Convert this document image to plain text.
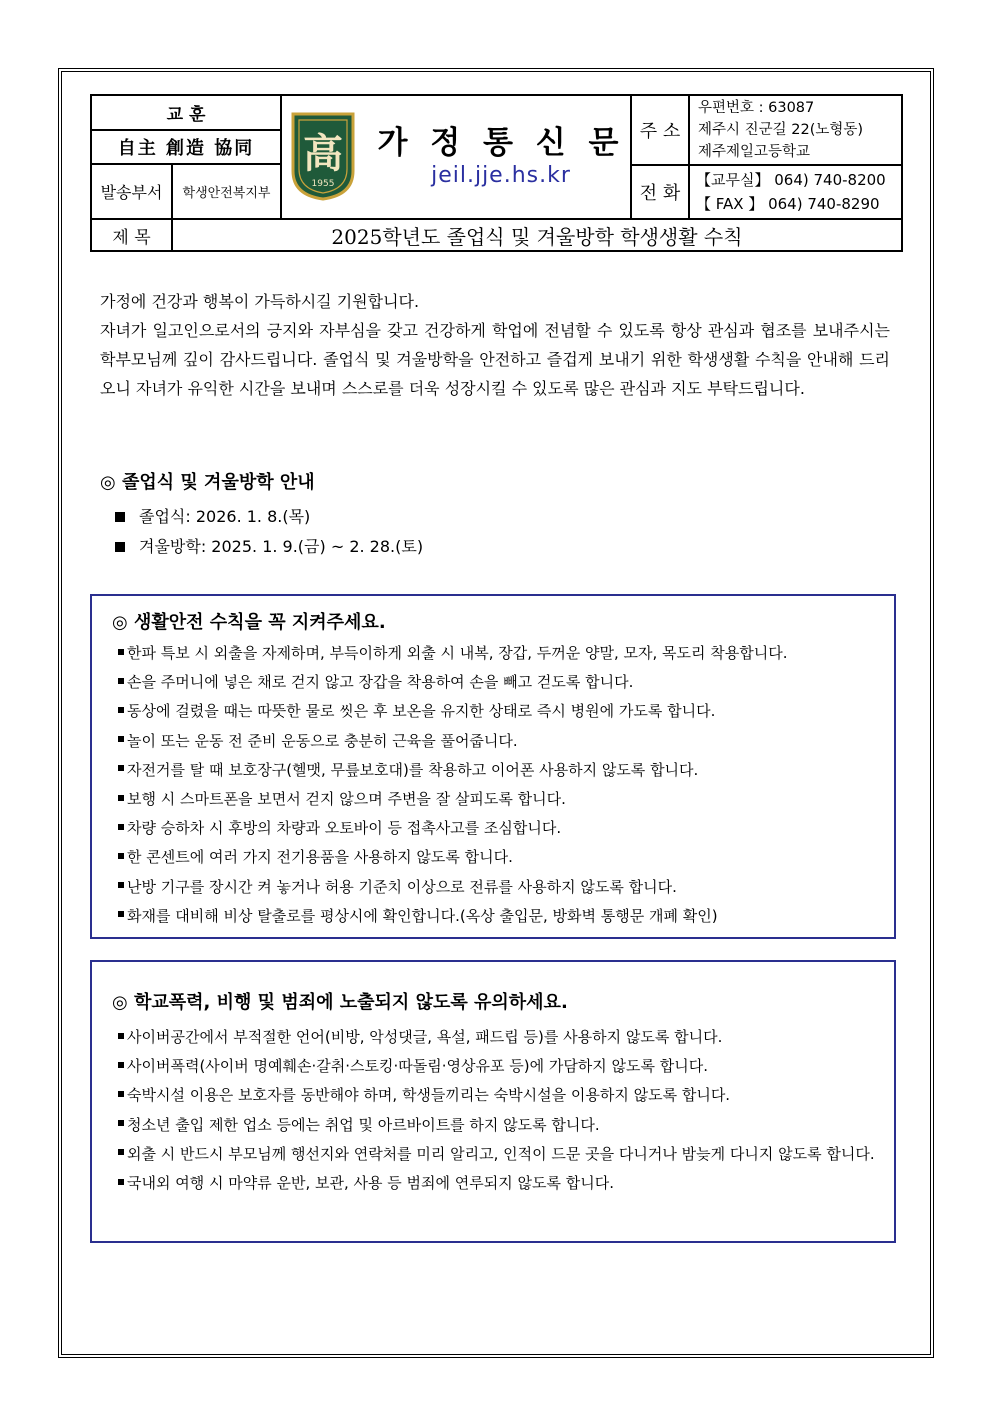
교 훈
自主 創造 協同
발송부서	학생안전복지부
高
1955
가 정 통 신 문
jeil.jje.hs.kr
주 소
우편번호 : 63087
제주시 진군길 22(노형동)
제주제일고등학교
전 화
【교무실】 064) 740-8200
【 FAX 】 064) 740-8290
제 목	2025학년도 졸업식 및 겨울방학 학생생활 수칙

가정에 건강과 행복이 가득하시길 기원합니다.

자녀가 일고인으로서의 긍지와 자부심을 갖고 건강하게 학업에 전념할 수 있도록 항상 관심과 협조를 보내주시는 학부모님께 깊이 감사드립니다. 졸업식 및 겨울방학을 안전하고 즐겁게 보내기 위한 학생생활 수칙을 안내해 드리오니 자녀가 유익한 시간을 보내며 스스로를 더욱 성장시킬 수 있도록 많은 관심과 지도 부탁드립니다.

◎ 졸업식 및 겨울방학 안내
졸업식: 2026. 1. 8.(목)
겨울방학: 2025. 1. 9.(금) ~ 2. 28.(토)
◎ 생활안전 수칙을 꼭 지켜주세요.
한파 특보 시 외출을 자제하며, 부득이하게 외출 시 내복, 장갑, 두꺼운 양말, 모자, 목도리 착용합니다.
손을 주머니에 넣은 채로 걷지 않고 장갑을 착용하여 손을 빼고 걷도록 합니다.
동상에 걸렸을 때는 따뜻한 물로 씻은 후 보온을 유지한 상태로 즉시 병원에 가도록 합니다.
놀이 또는 운동 전 준비 운동으로 충분히 근육을 풀어줍니다.
자전거를 탈 때 보호장구(헬맷, 무릎보호대)를 착용하고 이어폰 사용하지 않도록 합니다.
보행 시 스마트폰을 보면서 걷지 않으며 주변을 잘 살피도록 합니다.
차량 승하차 시 후방의 차량과 오토바이 등 접촉사고를 조심합니다.
한 콘센트에 여러 가지 전기용품을 사용하지 않도록 합니다.
난방 기구를 장시간 켜 놓거나 허용 기준치 이상으로 전류를 사용하지 않도록 합니다.
화재를 대비해 비상 탈출로를 평상시에 확인합니다.(옥상 출입문, 방화벽 통행문 개폐 확인)
◎ 학교폭력, 비행 및 범죄에 노출되지 않도록 유의하세요.
사이버공간에서 부적절한 언어(비방, 악성댓글, 욕설, 패드립 등)를 사용하지 않도록 합니다.
사이버폭력(사이버 명예훼손·갈취·스토킹·따돌림·영상유포 등)에 가담하지 않도록 합니다.
숙박시설 이용은 보호자를 동반해야 하며, 학생들끼리는 숙박시설을 이용하지 않도록 합니다.
청소년 출입 제한 업소 등에는 취업 및 아르바이트를 하지 않도록 합니다.
외출 시 반드시 부모님께 행선지와 연락처를 미리 알리고, 인적이 드문 곳을 다니거나 밤늦게 다니지 않도록 합니다.
국내외 여행 시 마약류 운반, 보관, 사용 등 범죄에 연루되지 않도록 합니다.
